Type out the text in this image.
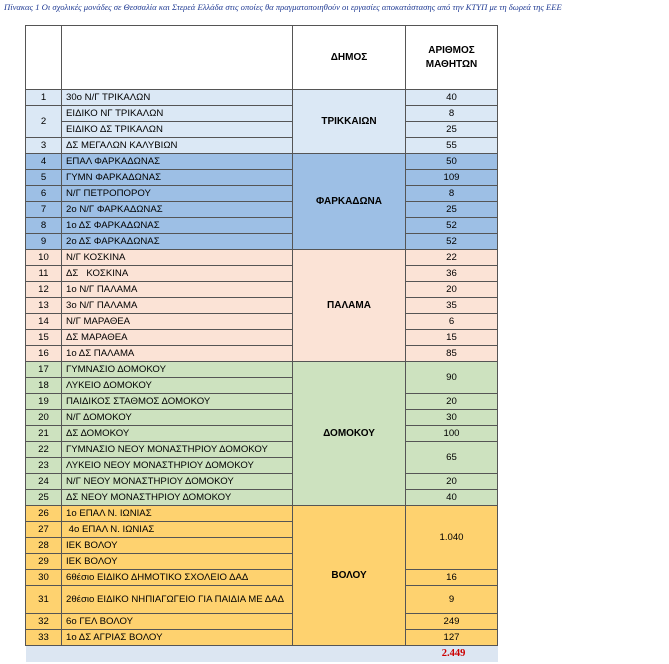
Πίνακας 1 Οι σχολικές μονάδες σε Θεσσαλία και Στερεά Ελλάδα στις οποίες θα πραγματοποιηθούν οι εργασίες αποκατάστασης από την ΚΤΥΠ με τη δωρεά της ΕΕΕ
		ΔΗΜΟΣ	ΑΡΙΘΜΟΣ ΜΑΘΗΤΩΝ
1	30ο Ν/Γ ΤΡΙΚΑΛΩΝ	ΤΡΙΚΚΑΙΩΝ	40
2	ΕΙΔΙΚΟ ΝΓ ΤΡΙΚΑΛΩΝ		8
	ΕΙΔΙΚΟ ΔΣ ΤΡΙΚΑΛΩΝ		25
3	ΔΣ ΜΕΓΑΛΩΝ ΚΑΛΥΒΙΩΝ		55
4	ΕΠΑΛ ΦΑΡΚΑΔΩΝΑΣ	ΦΑΡΚΑΔΩΝΑ	50
5	ΓΥΜΝ ΦΑΡΚΑΔΩΝΑΣ		109
6	Ν/Γ ΠΕΤΡΟΠΟΡΟΥ		8
7	2ο Ν/Γ ΦΑΡΚΑΔΩΝΑΣ		25
8	1ο ΔΣ ΦΑΡΚΑΔΩΝΑΣ		52
9	2ο ΔΣ ΦΑΡΚΑΔΩΝΑΣ		52
10	Ν/Γ ΚΟΣΚΙΝΑ	ΠΑΛΑΜΑ	22
11	ΔΣ   ΚΟΣΚΙΝΑ		36
12	1ο Ν/Γ ΠΑΛΑΜΑ		20
13	3ο Ν/Γ ΠΑΛΑΜΑ		35
14	Ν/Γ ΜΑΡΑΘΕΑ		6
15	ΔΣ ΜΑΡΑΘΕΑ		15
16	1ο ΔΣ ΠΑΛΑΜΑ		85
17	ΓΥΜΝΑΣΙΟ ΔΟΜΟΚΟΥ	ΔΟΜΟΚΟΥ	90
18	ΛΥΚΕΙΟ ΔΟΜΟΚΟΥ		
19	ΠΑΙΔΙΚΟΣ ΣΤΑΘΜΟΣ ΔΟΜΟΚΟΥ		20
20	Ν/Γ ΔΟΜΟΚΟΥ		30
21	ΔΣ ΔΟΜΟΚΟΥ		100
22	ΓΥΜΝΑΣΙΟ ΝΕΟΥ ΜΟΝΑΣΤΗΡΙΟΥ ΔΟΜΟΚΟΥ		65
23	ΛΥΚΕΙΟ ΝΕΟΥ ΜΟΝΑΣΤΗΡΙΟΥ ΔΟΜΟΚΟΥ		
24	Ν/Γ ΝΕΟΥ ΜΟΝΑΣΤΗΡΙΟΥ ΔΟΜΟΚΟΥ		20
25	ΔΣ ΝΕΟΥ ΜΟΝΑΣΤΗΡΙΟΥ ΔΟΜΟΚΟΥ		40
26	1ο ΕΠΑΛ Ν. ΙΩΝΙΑΣ	ΒΟΛΟΥ	1.040
27	4ο ΕΠΑΛ Ν. ΙΩΝΙΑΣ		
28	ΙΕΚ ΒΟΛΟΥ		
29	ΙΕΚ ΒΟΛΟΥ		
30	6θέσιο ΕΙΔΙΚΟ ΔΗΜΟΤΙΚΟ ΣΧΟΛΕΙΟ ΔΑΔ		16
31	2θέσιο ΕΙΔΙΚΟ ΝΗΠΙΑΓΩΓΕΙΟ ΓΙΑ ΠΑΙΔΙΑ ΜΕ ΔΑΔ		9
32	6ο ΓΕΛ ΒΟΛΟΥ		249
33	1ο ΔΣ ΑΓΡΙΑΣ ΒΟΛΟΥ		127
			2.449
